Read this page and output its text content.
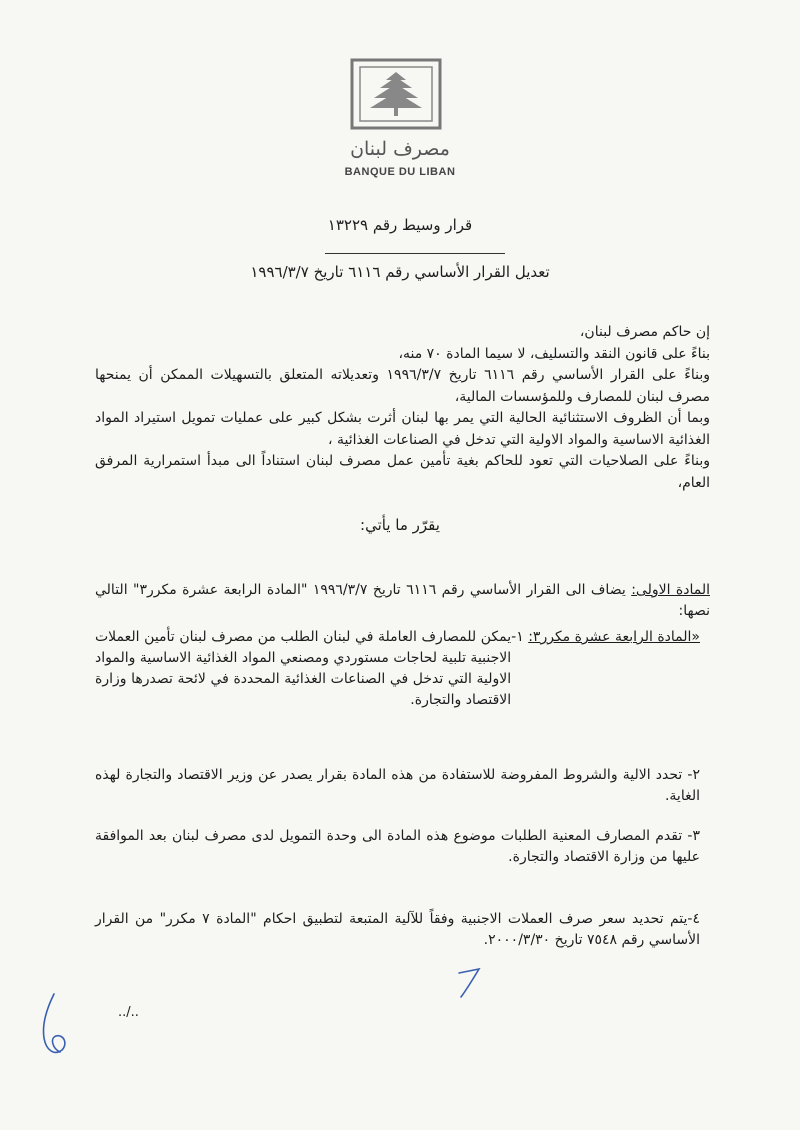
مصرف لبنان
BANQUE DU LIBAN
قرار وسيط رقم ١٣٢٢٩
تعديل القرار الأساسي رقم ٦١١٦ تاريخ ١٩٩٦/٣/٧

إن حاكم مصرف لبنان،

بناءً على قانون النقد والتسليف، لا سيما المادة ٧٠ منه،

وبناءً على القرار الأساسي رقم ٦١١٦ تاريخ ١٩٩٦/٣/٧ وتعديلاته المتعلق بالتسهيلات الممكن أن يمنحها مصرف لبنان للمصارف وللمؤسسات المالية،

وبما أن الظروف الاستثنائية الحالية التي يمر بها لبنان أثرت بشكل كبير على عمليات تمويل استيراد المواد الغذائية الاساسية والمواد الاولية التي تدخل في الصناعات الغذائية ،

وبناءً على الصلاحيات التي تعود للحاكم بغية تأمين عمل مصرف لبنان استناداً الى مبدأ استمرارية المرفق العام،

يقرّر ما يأتي:
المادة الاولى: يضاف الى القرار الأساسي رقم ٦١١٦ تاريخ ١٩٩٦/٣/٧ "المادة الرابعة عشرة مكرر٣" التالي نصها:
«المادة الرابعة عشرة مكرر٣: ١-
يمكن للمصارف العاملة في لبنان الطلب من مصرف لبنان تأمين العملات الاجنبية تلبية لحاجات مستوردي ومصنعي المواد الغذائية الاساسية والمواد الاولية التي تدخل في الصناعات الغذائية المحددة في لائحة تصدرها وزارة الاقتصاد والتجارة.
٢- تحدد الالية والشروط المفروضة للاستفادة من هذه المادة بقرار يصدر عن وزير الاقتصاد والتجارة لهذه الغاية.
٣- تقدم المصارف المعنية الطلبات موضوع هذه المادة الى وحدة التمويل لدى مصرف لبنان بعد الموافقة عليها من وزارة الاقتصاد والتجارة.
٤-يتم تحديد سعر صرف العملات الاجنبية وفقاً للآلية المتبعة لتطبيق احكام "المادة ٧ مكرر" من القرار الأساسي رقم ٧٥٤٨ تاريخ ٢٠٠٠/٣/٣٠.
../..
